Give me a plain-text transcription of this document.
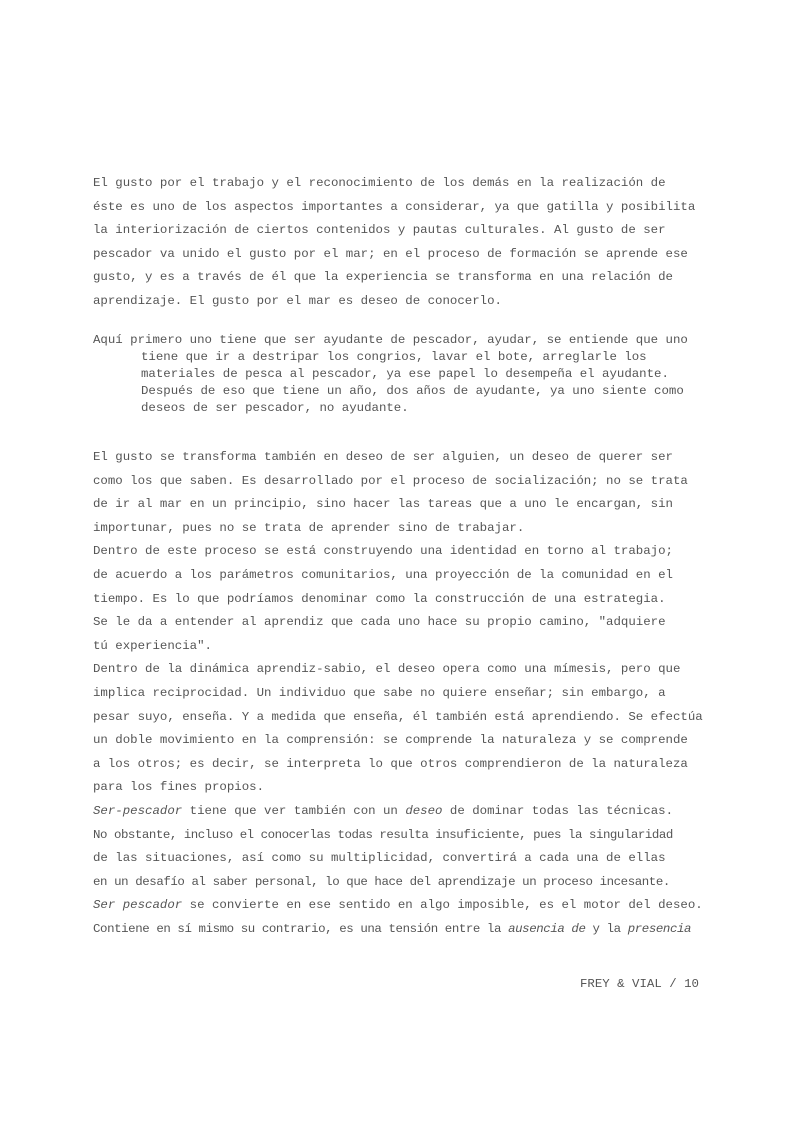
El gusto por el trabajo y el reconocimiento de los demás en la realización de
éste es uno de los aspectos importantes a considerar, ya que gatilla y posibilita
la interiorización de ciertos contenidos y pautas culturales. Al gusto de ser
pescador va unido el gusto por el mar; en el proceso de formación se aprende ese
gusto, y es a través de él que la experiencia se transforma en una relación de
aprendizaje. El gusto por el mar es deseo de conocerlo.
Aquí primero uno tiene que ser ayudante de pescador, ayudar, se entiende que uno
tiene que ir a destripar los congrios, lavar el bote, arreglarle los
materiales de pesca al pescador, ya ese papel lo desempeña el ayudante.
Después de eso que tiene un año, dos años de ayudante, ya uno siente como
deseos de ser pescador, no ayudante.
El gusto se transforma también en deseo de ser alguien, un deseo de querer ser
como los que saben. Es desarrollado por el proceso de socialización; no se trata
de ir al mar en un principio, sino hacer las tareas que a uno le encargan, sin
importunar, pues no se trata de aprender sino de trabajar.
Dentro de este proceso se está construyendo una identidad en torno al trabajo;
de acuerdo a los parámetros comunitarios, una proyección de la comunidad en el
tiempo. Es lo que podríamos denominar como la construcción de una estrategia.
Se le da a entender al aprendiz que cada uno hace su propio camino, "adquiere
tú experiencia".
Dentro de la dinámica aprendiz-sabio, el deseo opera como una mímesis, pero que
implica reciprocidad. Un individuo que sabe no quiere enseñar; sin embargo, a
pesar suyo, enseña. Y a medida que enseña, él también está aprendiendo. Se efectúa
un doble movimiento en la comprensión: se comprende la naturaleza y se comprende
a los otros; es decir, se interpreta lo que otros comprendieron de la naturaleza
para los fines propios.
Ser-pescador tiene que ver también con un deseo de dominar todas las técnicas.
No obstante, incluso el conocerlas todas resulta insuficiente, pues la singularidad
de las situaciones, así como su multiplicidad, convertirá a cada una de ellas
en un desafío al saber personal, lo que hace del aprendizaje un proceso incesante.
Ser pescador se convierte en ese sentido en algo imposible, es el motor del deseo.
Contiene en sí mismo su contrario, es una tensión entre la ausencia de y la presencia
FREY & VIAL / 10
